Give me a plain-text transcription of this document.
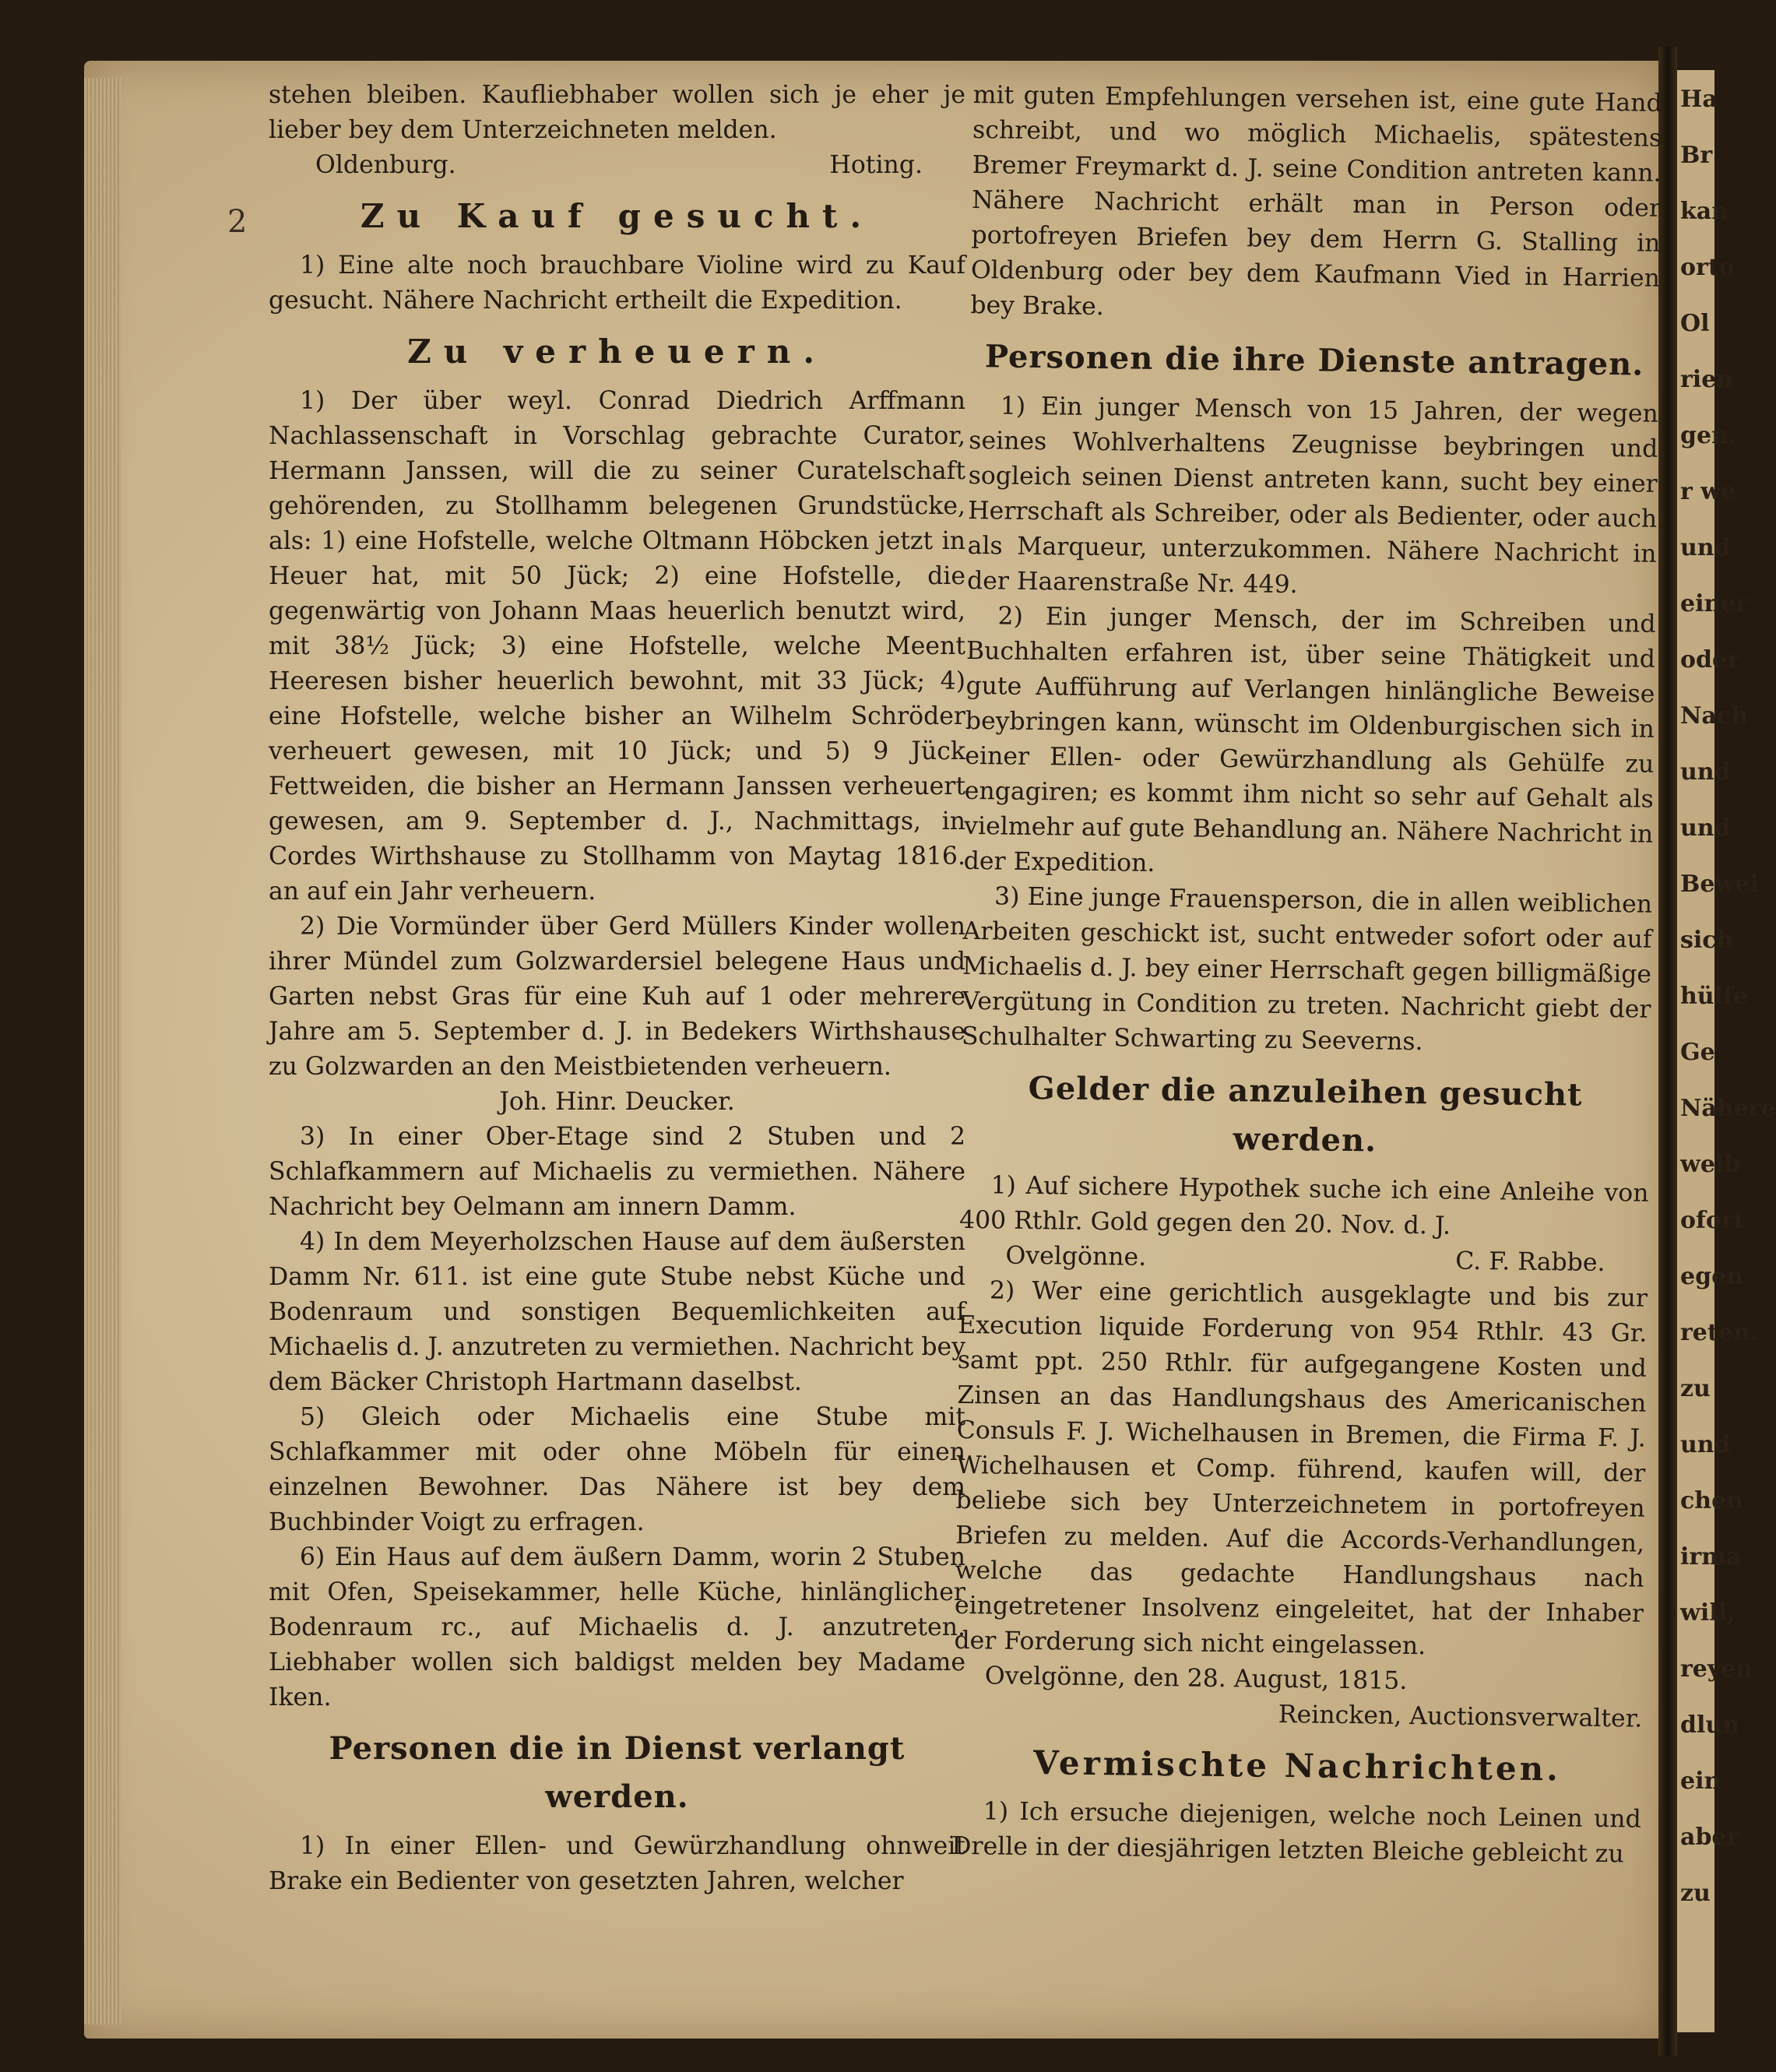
Ha
Br
kan
orto
Ol
rien
gen.
r we
und
einer
oder
Nach
und
und
Bewei
sich
hülfe
Ge
Nähere
weib
ofort
egen
reten.
zu
und
chen
irma
will,
reyen
dlun
ein
aber
zu
2

stehen bleiben. Kaufliebhaber wollen sich je eher je lieber bey dem Unterzeichneten melden.

Oldenburg.	Hoting.
Zu Kauf gesucht.

1) Eine alte noch brauchbare Violine wird zu Kauf gesucht. Nähere Nachricht ertheilt die Expedition.

Zu verheuern.

1) Der über weyl. Conrad Diedrich Arffmann Nachlassenschaft in Vorschlag gebrachte Curator, Hermann Janssen, will die zu seiner Curatelschaft gehörenden, zu Stollhamm belegenen Grundstücke, als: 1) eine Hofstelle, welche Oltmann Höbcken jetzt in Heuer hat, mit 50 Jück; 2) eine Hofstelle, die gegenwärtig von Johann Maas heuerlich benutzt wird, mit 38½ Jück; 3) eine Hofstelle, welche Meent Heeresen bisher heuerlich bewohnt, mit 33 Jück; 4) eine Hofstelle, welche bisher an Wilhelm Schröder verheuert gewesen, mit 10 Jück; und 5) 9 Jück Fettweiden, die bisher an Hermann Janssen verheuert gewesen, am 9. September d. J., Nachmittags, in Cordes Wirthshause zu Stollhamm von Maytag 1816. an auf ein Jahr verheuern.

2) Die Vormünder über Gerd Müllers Kinder wollen ihrer Mündel zum Golzwardersiel belegene Haus und Garten nebst Gras für eine Kuh auf 1 oder mehrere Jahre am 5. September d. J. in Bedekers Wirthshause zu Golzwarden an den Meistbietenden verheuern.

Joh. Hinr. Deucker.

3) In einer Ober-Etage sind 2 Stuben und 2 Schlafkammern auf Michaelis zu vermiethen. Nähere Nachricht bey Oelmann am innern Damm.

4) In dem Meyerholzschen Hause auf dem äußersten Damm Nr. 611. ist eine gute Stube nebst Küche und Bodenraum und sonstigen Bequemlichkeiten auf Michaelis d. J. anzutreten zu vermiethen. Nachricht bey dem Bäcker Christoph Hartmann daselbst.

5) Gleich oder Michaelis eine Stube mit Schlafkammer mit oder ohne Möbeln für einen einzelnen Bewohner. Das Nähere ist bey dem Buchbinder Voigt zu erfragen.

6) Ein Haus auf dem äußern Damm, worin 2 Stuben mit Ofen, Speisekammer, helle Küche, hinlänglicher Bodenraum rc., auf Michaelis d. J. anzutreten. Liebhaber wollen sich baldigst melden bey Madame Iken.

Personen die in Dienst verlangt werden.

1) In einer Ellen- und Gewürzhandlung ohnweit Brake ein Bedienter von gesetzten Jahren, welcher

mit guten Empfehlungen versehen ist, eine gute Hand schreibt, und wo möglich Michaelis, spätestens Bremer Freymarkt d. J. seine Condition antreten kann. Nähere Nachricht erhält man in Person oder portofreyen Briefen bey dem Herrn G. Stalling in Oldenburg oder bey dem Kaufmann Vied in Harrien bey Brake.

Personen die ihre Dienste antragen.

1) Ein junger Mensch von 15 Jahren, der wegen seines Wohlverhaltens Zeugnisse beybringen und sogleich seinen Dienst antreten kann, sucht bey einer Herrschaft als Schreiber, oder als Bedienter, oder auch als Marqueur, unterzukommen. Nähere Nachricht in der Haarenstraße Nr. 449.

2) Ein junger Mensch, der im Schreiben und Buchhalten erfahren ist, über seine Thätigkeit und gute Aufführung auf Verlangen hinlängliche Beweise beybringen kann, wünscht im Oldenburgischen sich in einer Ellen- oder Gewürzhandlung als Gehülfe zu engagiren; es kommt ihm nicht so sehr auf Gehalt als vielmehr auf gute Behandlung an. Nähere Nachricht in der Expedition.

3) Eine junge Frauensperson, die in allen weiblichen Arbeiten geschickt ist, sucht entweder sofort oder auf Michaelis d. J. bey einer Herrschaft gegen billigmäßige Vergütung in Condition zu treten. Nachricht giebt der Schulhalter Schwarting zu Seeverns.

Gelder die anzuleihen gesucht werden.

1) Auf sichere Hypothek suche ich eine Anleihe von 400 Rthlr. Gold gegen den 20. Nov. d. J.

Ovelgönne.	C. F. Rabbe.

2) Wer eine gerichtlich ausgeklagte und bis zur Execution liquide Forderung von 954 Rthlr. 43 Gr. samt ppt. 250 Rthlr. für aufgegangene Kosten und Zinsen an das Handlungshaus des Americanischen Consuls F. J. Wichelhausen in Bremen, die Firma F. J. Wichelhausen et Comp. führend, kaufen will, der beliebe sich bey Unterzeichnetem in portofreyen Briefen zu melden. Auf die Accords-Verhandlungen, welche das gedachte Handlungshaus nach eingetretener Insolvenz eingeleitet, hat der Inhaber der Forderung sich nicht eingelassen.

Ovelgönne, den 28. August, 1815.

Reincken, Auctionsverwalter.

Vermischte Nachrichten.

1) Ich ersuche diejenigen, welche noch Leinen und Drelle in der diesjährigen letzten Bleiche gebleicht zu
